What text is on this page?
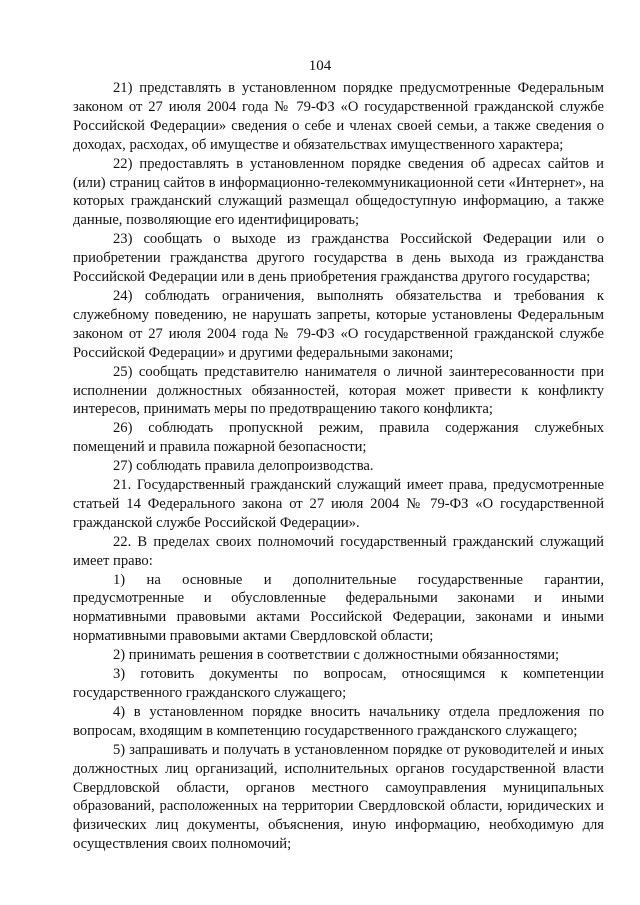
104

21) представлять в установленном порядке предусмотренные Федеральным законом от 27 июля 2004 года № 79-ФЗ «О государственной гражданской службе Российской Федерации» сведения о себе и членах своей семьи, а также сведения о доходах, расходах, об имуществе и обязательствах имущественного характера;

22) предоставлять в установленном порядке сведения об адресах сайтов и (или) страниц сайтов в информационно-телекоммуникационной сети «Интернет», на которых гражданский служащий размещал общедоступную информацию, а также данные, позволяющие его идентифицировать;

23) сообщать о выходе из гражданства Российской Федерации или о приобретении гражданства другого государства в день выхода из гражданства Российской Федерации или в день приобретения гражданства другого государства;

24) соблюдать ограничения, выполнять обязательства и требования к служебному поведению, не нарушать запреты, которые установлены Федеральным законом от 27 июля 2004 года № 79-ФЗ «О государственной гражданской службе Российской Федерации» и другими федеральными законами;

25) сообщать представителю нанимателя о личной заинтересованности при исполнении должностных обязанностей, которая может привести к конфликту интересов, принимать меры по предотвращению такого конфликта;

26) соблюдать пропускной режим, правила содержания служебных помещений и правила пожарной безопасности;

27) соблюдать правила делопроизводства.

21. Государственный гражданский служащий имеет права, предусмотренные статьей 14 Федерального закона от 27 июля 2004 № 79-ФЗ «О государственной гражданской службе Российской Федерации».

22. В пределах своих полномочий государственный гражданский служащий имеет право:

1) на основные и дополнительные государственные гарантии, предусмотренные и обусловленные федеральными законами и иными нормативными правовыми актами Российской Федерации, законами и иными нормативными правовыми актами Свердловской области;

2) принимать решения в соответствии с должностными обязанностями;

3) готовить документы по вопросам, относящимся к компетенции государственного гражданского служащего;

4) в установленном порядке вносить начальнику отдела предложения по вопросам, входящим в компетенцию государственного гражданского служащего;

5) запрашивать и получать в установленном порядке от руководителей и иных должностных лиц организаций, исполнительных органов государственной власти Свердловской области, органов местного самоуправления муниципальных образований, расположенных на территории Свердловской области, юридических и физических лиц документы, объяснения, иную информацию, необходимую для осуществления своих полномочий;
